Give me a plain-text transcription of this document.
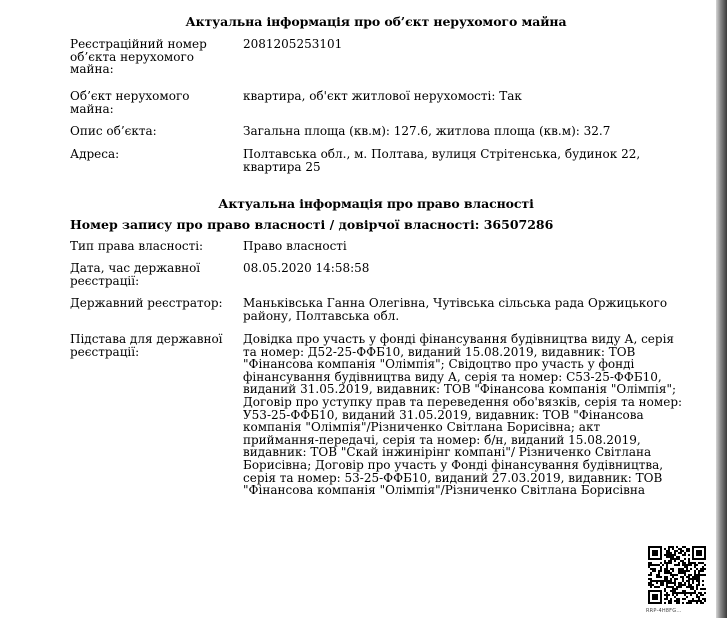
Актуальна інформація про об’єкт нерухомого майна
Реєстраційний номер
об’єкта нерухомого
майна:
2081205253101
Об’єкт нерухомого
майна:
квартира, об'єкт житлової нерухомості: Так
Опис об’єкта:	Загальна площа (кв.м): 127.6, житлова площа (кв.м): 32.7
Адреса:	Полтавська обл., м. Полтава, вулиця Стрітенська, будинок 22,
квартира 25
Актуальна інформація про право власності
Номер запису про право власності / довірчої власності: 36507286
Тип права власності:	Право власності
Дата, час державної
реєстрації:
08.05.2020 14:58:58
Державний реєстратор:	Маньківська Ганна Олегівна, Чутівська сільська рада Оржицького
району, Полтавська обл.
Підстава для державної
реєстрації:
Довідка про участь у фонді фінансування будівництва виду А, серія
та номер: Д52-25-ФФБ10, виданий 15.08.2019, видавник: ТОВ
"Фінансова компанія "Олімпія"; Свідоцтво про участь у фонді
фінансування будівництва виду А, серія та номер: С53-25-ФФБ10,
виданий 31.05.2019, видавник: ТОВ "Фінансова компанія "Олімпія";
Договір про уступку прав та переведення обо'вязків, серія та номер:
У53-25-ФФБ10, виданий 31.05.2019, видавник: ТОВ "Фінансова
компанія "Олімпія"/Різниченко Світлана Борисівна; акт
приймання-передачі, серія та номер: б/н, виданий 15.08.2019,
видавник: ТОВ "Скай інжинірінг компані"/ Різниченко Світлана
Борисівна; Договір про участь у Фонді фінансування будівництва,
серія та номер: 53-25-ФФБ10, виданий 27.03.2019, видавник: ТОВ
"Фінансова компанія "Олімпія"/Різниченко Світлана Борисівна
RRP-4H8FG...
